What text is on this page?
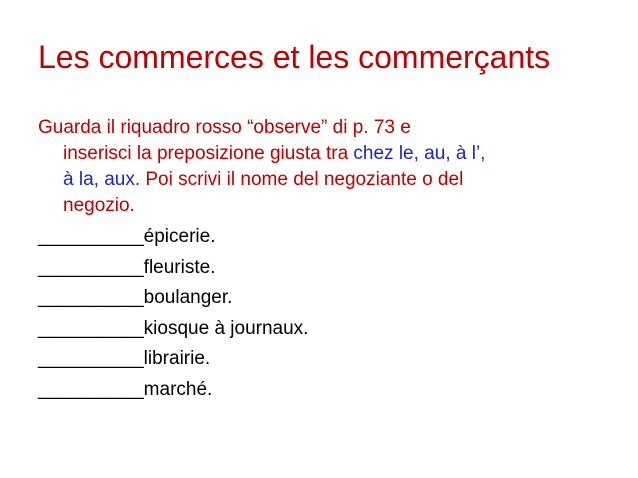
Les commerces et les commerçants

Guarda il riquadro rosso “observe” di p. 73 e
inserisci la preposizione giusta tra chez le, au, à l’,
à la, aux. Poi scrivi il nome del negoziante o del
negozio.

__________épicerie.
__________fleuriste.
__________boulanger.
__________kiosque à journaux.
__________librairie.
__________marché.
